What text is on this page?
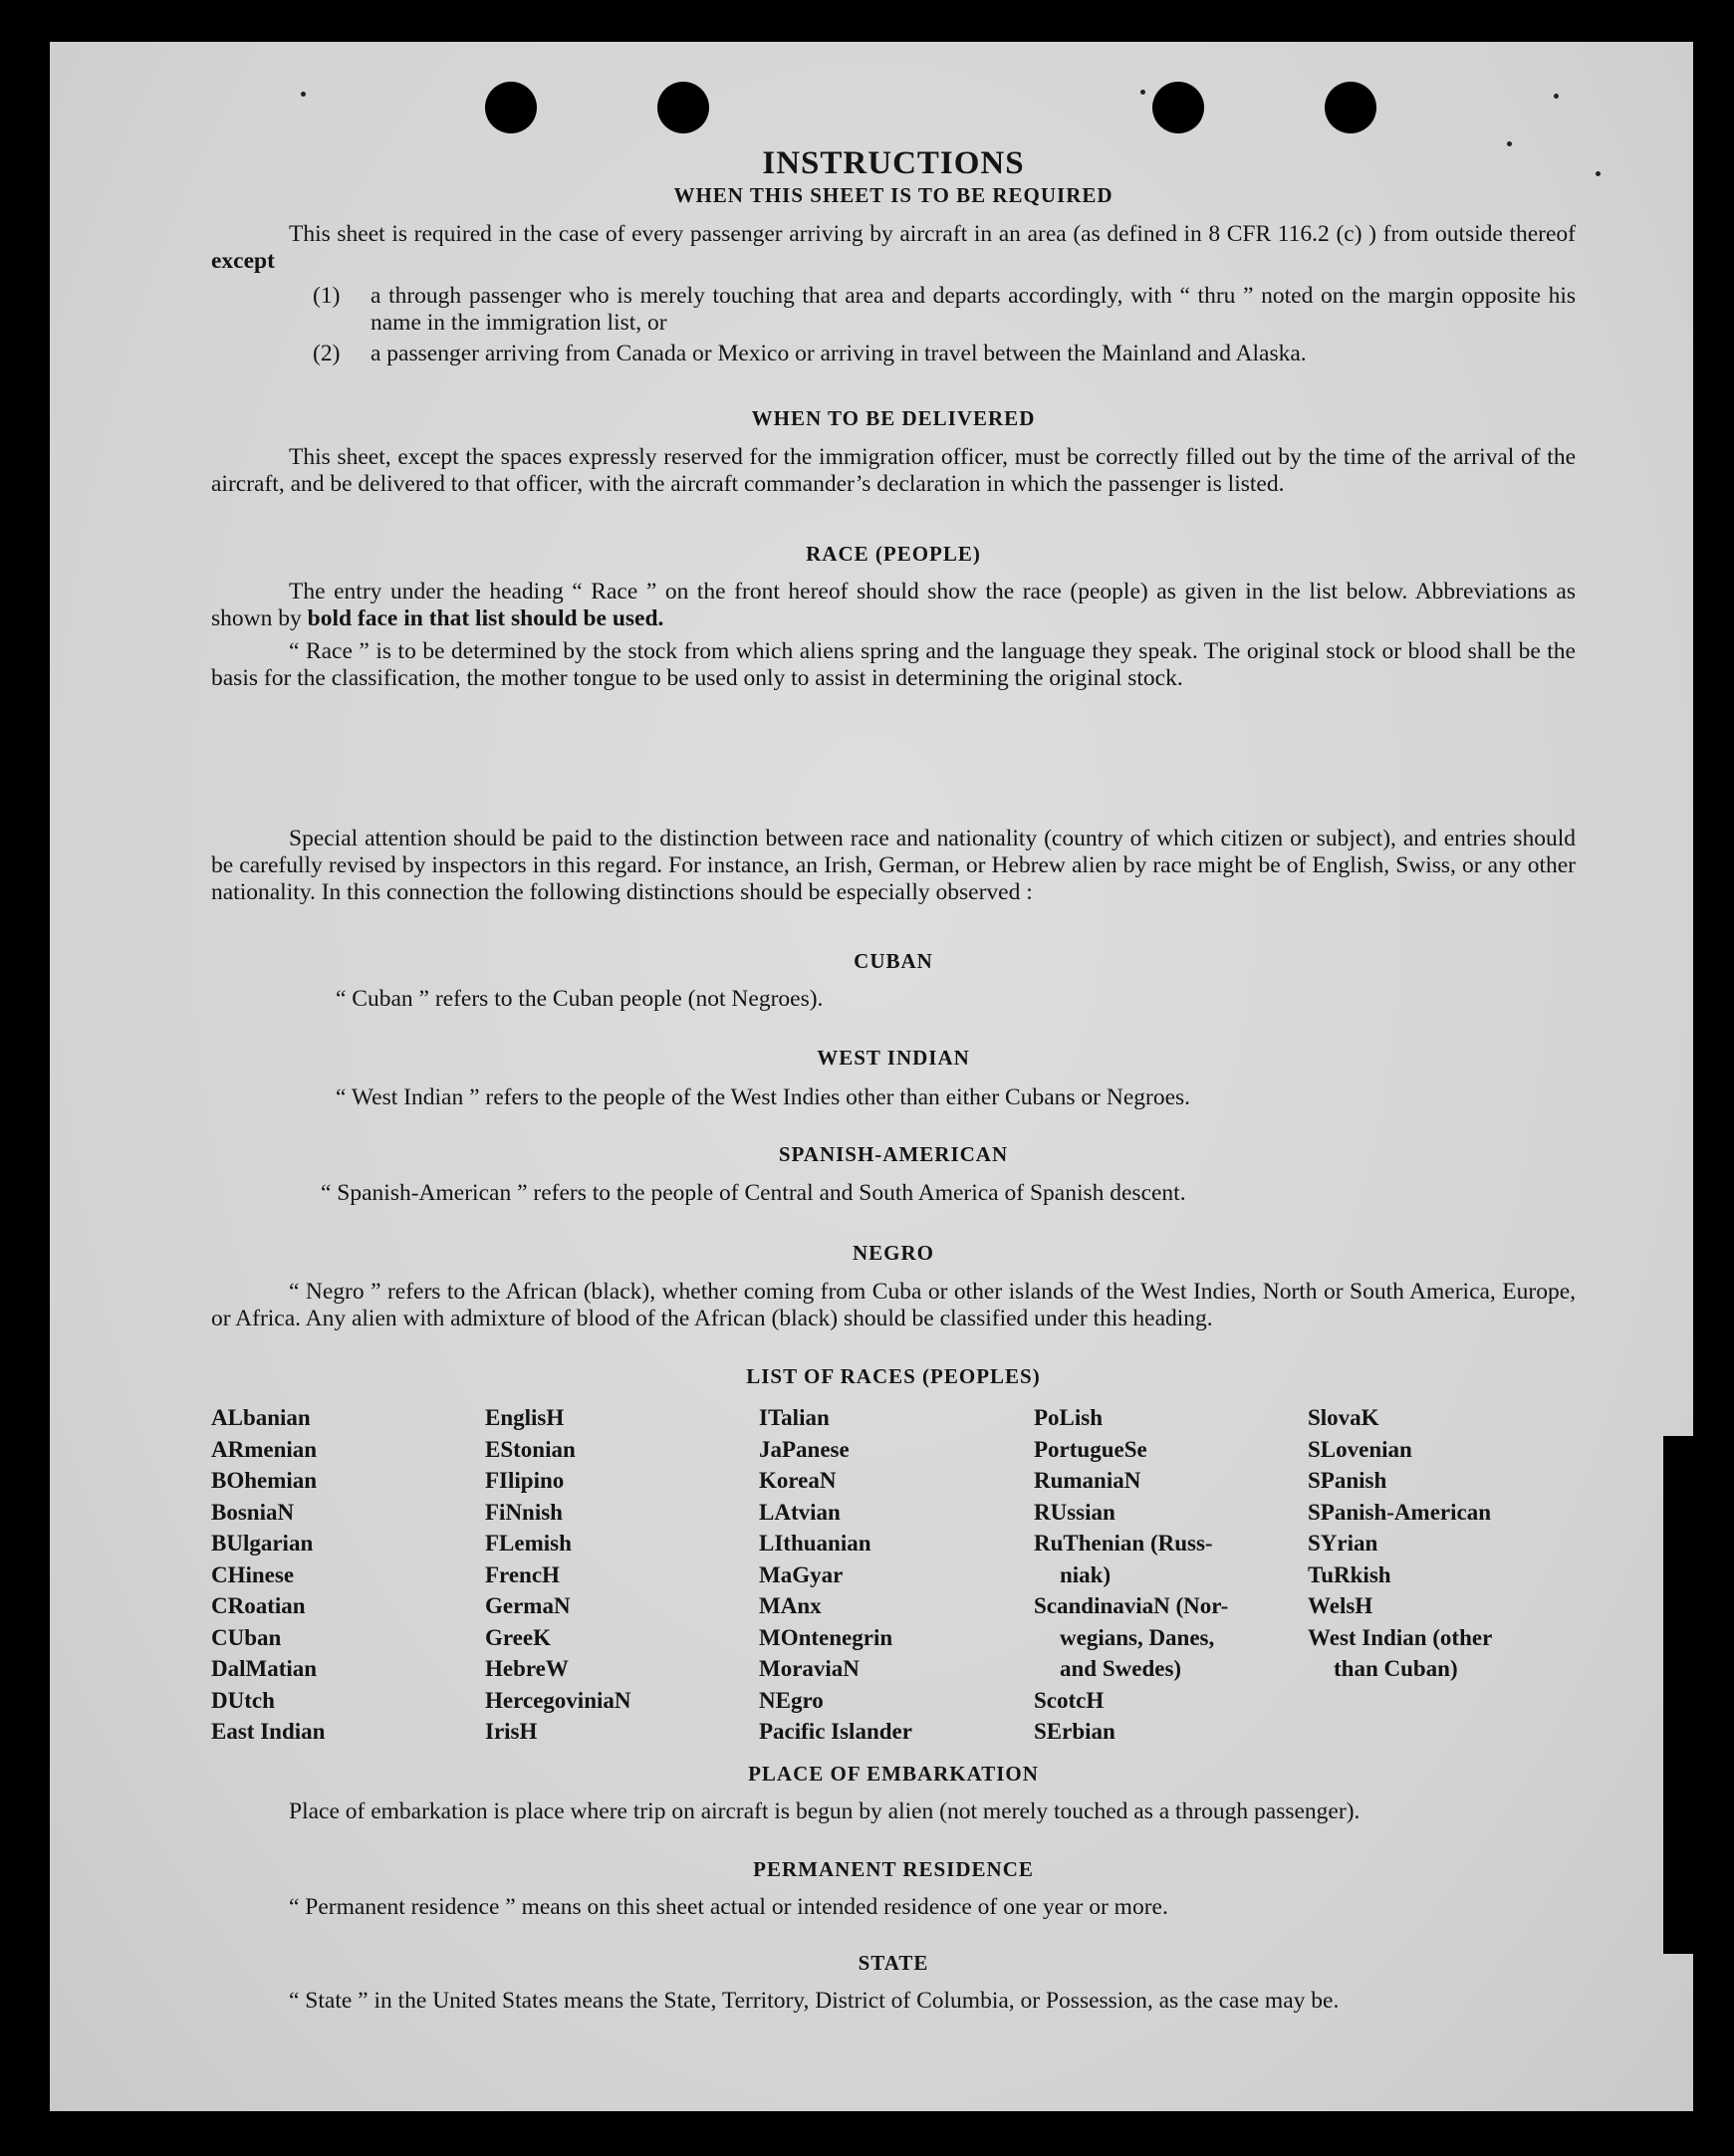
INSTRUCTIONS
WHEN THIS SHEET IS TO BE REQUIRED
This sheet is required in the case of every passenger arriving by aircraft in an area (as defined in 8 CFR 116.2 (c) ) from outside thereof except
(1) a through passenger who is merely touching that area and departs accordingly, with “ thru ” noted on the margin opposite his name in the immigration list, or
(2) a passenger arriving from Canada or Mexico or arriving in travel between the Mainland and Alaska.
WHEN TO BE DELIVERED
This sheet, except the spaces expressly reserved for the immigration officer, must be correctly filled out by the time of the arrival of the aircraft, and be delivered to that officer, with the aircraft commander’s declaration in which the passenger is listed.
RACE (PEOPLE)
The entry under the heading “ Race ” on the front hereof should show the race (people) as given in the list below. Abbreviations as shown by bold face in that list should be used.
“ Race ” is to be determined by the stock from which aliens spring and the language they speak. The original stock or blood shall be the basis for the classification, the mother tongue to be used only to assist in determining the original stock.
Special attention should be paid to the distinction between race and nationality (country of which citizen or subject), and entries should be carefully revised by inspectors in this regard. For instance, an Irish, German, or Hebrew alien by race might be of English, Swiss, or any other nationality. In this connection the following distinctions should be especially observed :
CUBAN
“ Cuban ” refers to the Cuban people (not Negroes).
WEST INDIAN
“ West Indian ” refers to the people of the West Indies other than either Cubans or Negroes.
SPANISH-AMERICAN
“ Spanish-American ” refers to the people of Central and South America of Spanish descent.
NEGRO
“ Negro ” refers to the African (black), whether coming from Cuba or other islands of the West Indies, North or South America, Europe, or Africa. Any alien with admixture of blood of the African (black) should be classified under this heading.
LIST OF RACES (PEOPLES)
ALbanian
ARmenian
BOhemian
BosniaN
BUlgarian
CHinese
CRoatian
CUban
DalMatian
DUtch
East Indian
EnglisH
EStonian
FIlipino
FiNnish
FLemish
FrencH
GermaN
GreeK
HebreW
HercegoviniaN
IrisH
ITalian
JaPanese
KoreaN
LAtvian
LIthuanian
MaGyar
MAnx
MOntenegrin
MoraviaN
NEgro
Pacific Islander
PoLish
PortugueSe
RumaniaN
RUssian
RuThenian (Russ-
niak)
ScandinaviaN (Nor-
wegians, Danes,
and Swedes)
ScotcH
SErbian
SlovaK
SLovenian
SPanish
SPanish-American
SYrian
TuRkish
WelsH
West Indian (other
than Cuban)
PLACE OF EMBARKATION
Place of embarkation is place where trip on aircraft is begun by alien (not merely touched as a through passenger).
PERMANENT RESIDENCE
“ Permanent residence ” means on this sheet actual or intended residence of one year or more.
STATE
“ State ” in the United States means the State, Territory, District of Columbia, or Possession, as the case may be.
